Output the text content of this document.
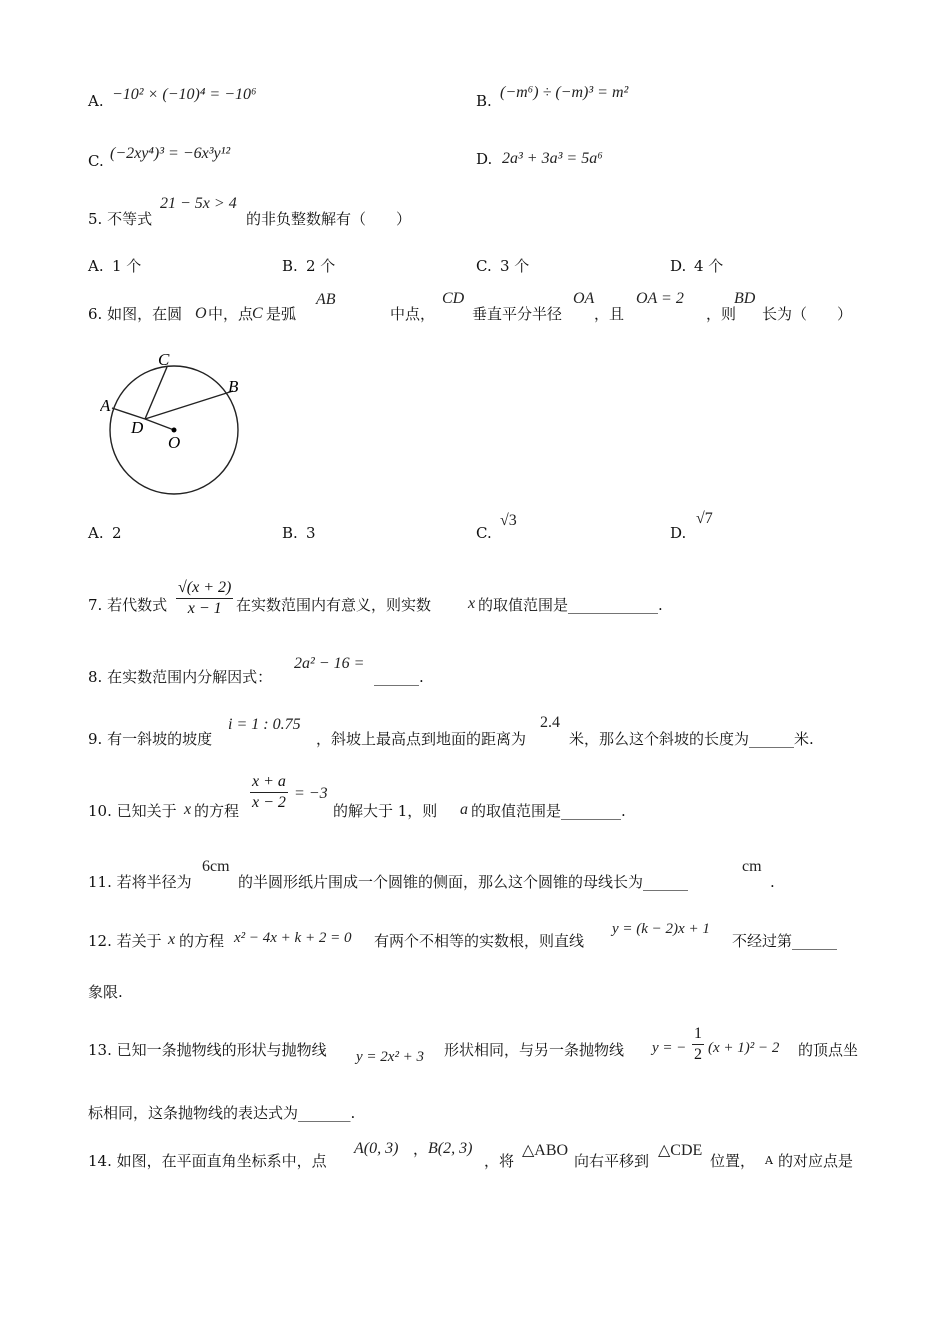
A. −10² × (−10)⁴ = −10⁶	B. (−m⁶) ÷ (−m)³ = m²
C. (−2xy⁴)³ = −6x³y¹²	D. 2a³ + 3a³ = 5a⁶
5. 不等式
21 − 5x > 4
的非负整数解有（　　）
A. 1 个	B. 2 个	C. 3 个	D. 4 个
6. 如图，在圆 O 中，点
C 是弧
AB
中点，
CD
垂直平分半径
OA
，且
OA = 2
，则
BD
长为（　　）
C
B
A
D
O
A. 2	B. 3	C.
√3
D.
√7
7. 若代数式 $\frac{√(x + 2)}{x - 1}$ 在实数范围内有意义，则实数 x 的取值范围是____________.
8. 在实数范围内分解因式：
2a² − 16 =
______.
9. 有一斜坡的坡度
i = 1 : 0.75
，斜坡上最高点到地面的距离为
2.4
米，那么这个斜坡的长度为______米.
10. 已知关于 x 的方程 $\frac{x + a}{x - 2} = -3$
的解大于 1，则 a 的取值范围是________.
11. 若将半径为
6cm
的半圆形纸片围成一个圆锥的侧面，那么这个圆锥的母线长为______
cm
.
12. 若关于 x 的方程 x² − 4x + k + 2 = 0 有两个不相等的实数根，则直线
y = (k − 2)x + 1
不经过第______
象限.
13. 已知一条抛物线的形状与抛物线 y = 2x² + 3 形状相同，与另一条抛物线 y = − $\frac{1}{2} (x + 1)^2 - 2$ 的顶点坐
标相同，这条抛物线的表达式为_______.
14. 如图，在平面直角坐标系中，点
A(0, 3) ， B(2, 3)
，将
△ABO
向右平移到
△CDE
位置， A 的对应点是
